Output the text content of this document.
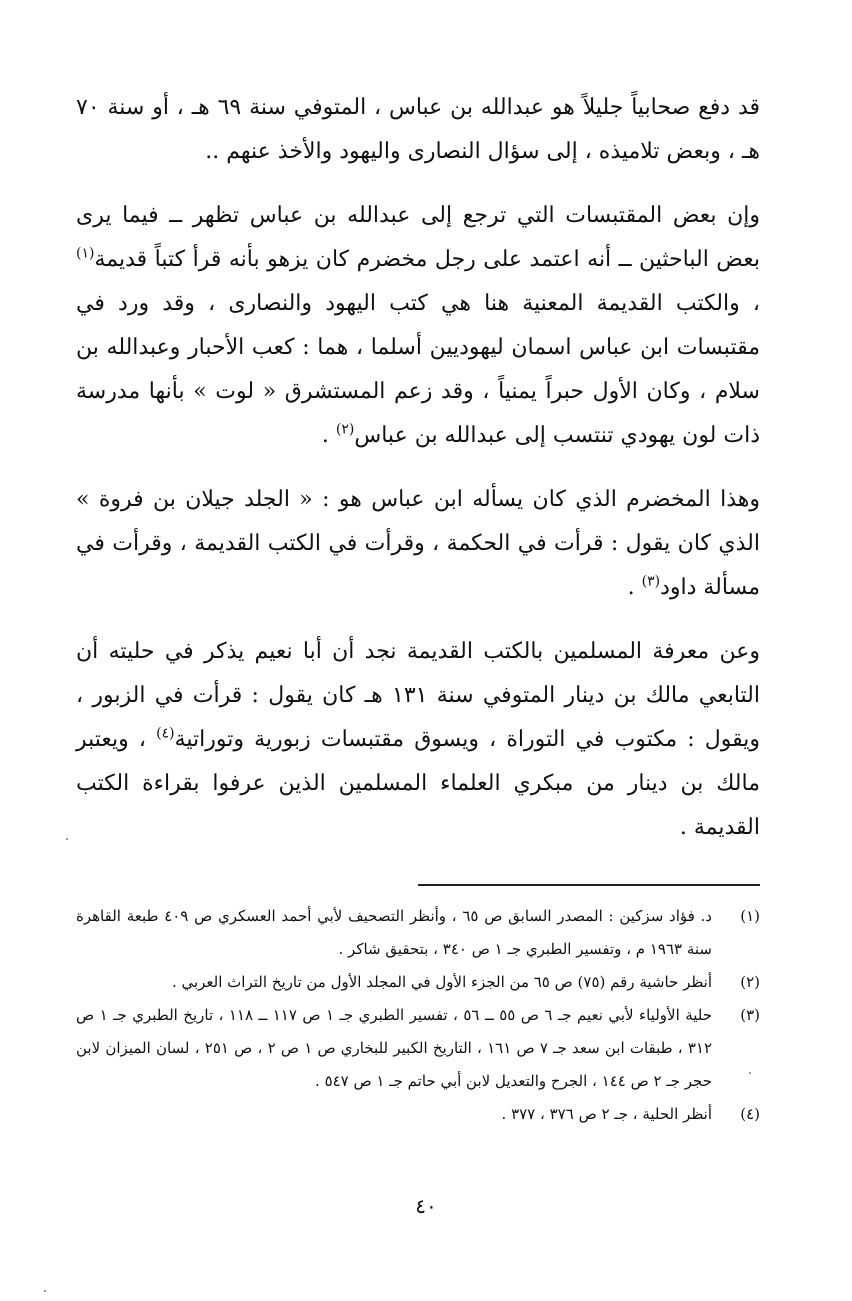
قد دفع صحابياً جليلاً هو عبدالله بن عباس ، المتوفي سنة ٦٩ هـ ، أو سنة ٧٠ هـ ، وبعض تلاميذه ، إلى سؤال النصارى واليهود والأخذ عنهم ..

وإن بعض المقتبسات التي ترجع إلى عبدالله بن عباس تظهر ــ فيما يرى بعض الباحثين ــ أنه اعتمد على رجل مخضرم كان يزهو بأنه قرأ كتباً قديمة$^{(١)}$ ، والكتب القديمة المعنية هنا هي كتب اليهود والنصارى ، وقد ورد في مقتبسات ابن عباس اسمان ليهوديين أسلما ، هما : كعب الأحبار وعبدالله بن سلام ، وكان الأول حبراً يمنياً ، وقد زعم المستشرق « لوت » بأنها مدرسة ذات لون يهودي تنتسب إلى عبدالله بن عباس$^{(٢)}$ .

وهذا المخضرم الذي كان يسأله ابن عباس هو : « الجلد جيلان بن فروة » الذي كان يقول : قرأت في الحكمة ، وقرأت في الكتب القديمة ، وقرأت في مسألة داود$^{(٣)}$ .

وعن معرفة المسلمين بالكتب القديمة نجد أن أبا نعيم يذكر في حليته أن التابعي مالك بن دينار المتوفي سنة ١٣١ هـ كان يقول : قرأت في الزبور ، ويقول : مكتوب في التوراة ، ويسوق مقتبسات زبورية وتوراتية$^{(٤)}$ ، ويعتبر مالك بن دينار من مبكري العلماء المسلمين الذين عرفوا بقراءة الكتب القديمة .

(١)
د. فؤاد سزكين : المصدر السابق ص ٦٥ ، وأنظر التصحيف لأبي أحمد العسكري ص ٤٠٩ طبعة القاهرة سنة ١٩٦٣ م ، وتفسير الطبري جـ ١ ص ٣٤٠ ، بتحقيق شاكر .
(٢)
أنظر حاشية رقم (٧٥) ص ٦٥ من الجزء الأول في المجلد الأول من تاريخ التراث العربي .
(٣)
حلية الأولياء لأبي نعيم جـ ٦ ص ٥٥ ــ ٥٦ ، تفسير الطبري جـ ١ ص ١١٧ ــ ١١٨ ، تاريخ الطبري جـ ١ ص ٣١٢ ، طبقات ابن سعد جـ ٧ ص ١٦١ ، التاريخ الكبير للبخاري ص ١ ص ٢ ، ص ٢٥١ ، لسان الميزان لابن حجر جـ ٢ ص ١٤٤ ، الجرح والتعديل لابن أبي حاتم جـ ١ ص ٥٤٧ .
(٤)
أنظر الحلية ، جـ ٢ ص ٣٧٦ ، ٣٧٧ .
٤٠
